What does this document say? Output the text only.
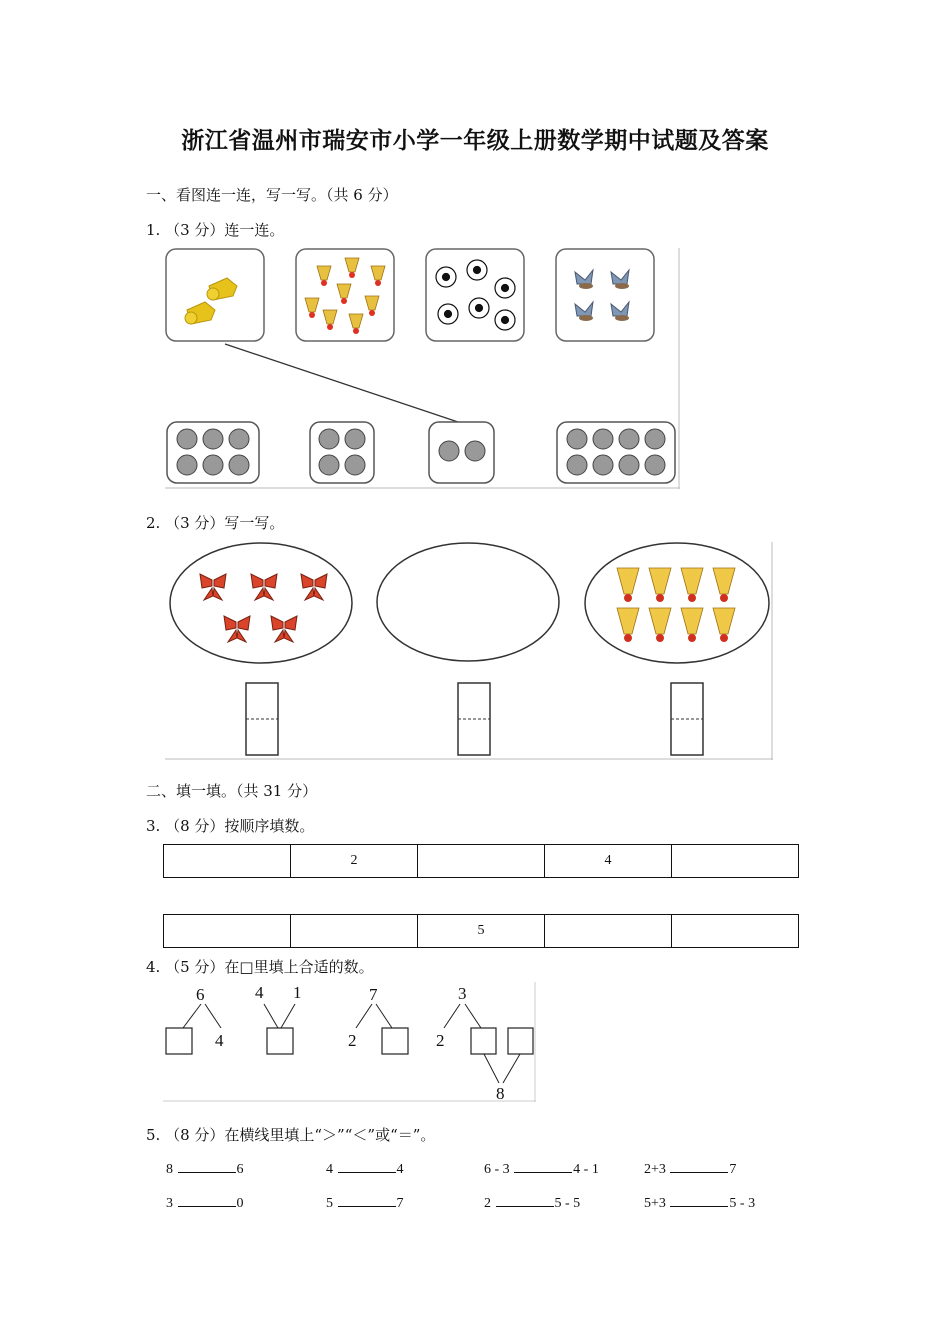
浙江省温州市瑞安市小学一年级上册数学期中试题及答案
一、看图连一连，写一写。（共 6 分）
1. （3 分）连一连。
2. （3 分）写一写。
二、填一填。（共 31 分）
3. （8 分）按顺序填数。
	2		4	
		5		
4. （5 分）在□里填上合适的数。
6
4
4 1	7
2
3
2
8
5. （8 分）在横线里填上“＞”“＜”或“＝”。
8	6	4	4	6 - 3	4 - 1	2+3	7
3	0	5	7	2	5 - 5	5+3	5 - 3
